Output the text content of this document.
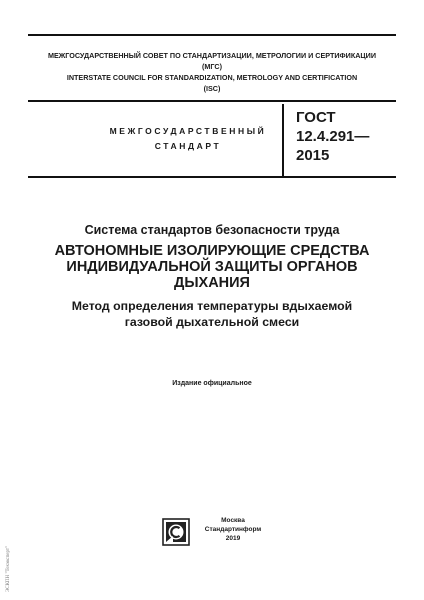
МЕЖГОСУДАРСТВЕННЫЙ СОВЕТ ПО СТАНДАРТИЗАЦИИ, МЕТРОЛОГИИ И СЕРТИФИКАЦИИ
(МГС)
INTERSTATE COUNCIL FOR STANDARDIZATION, METROLOGY AND CERTIFICATION
(ISC)
МЕЖГОСУДАРСТВЕННЫЙ
СТАНДАРТ
ГОСТ
12.4.291—
2015
Система стандартов безопасности труда
АВТОНОМНЫЕ ИЗОЛИРУЮЩИЕ СРЕДСТВА ИНДИВИДУАЛЬНОЙ ЗАЩИТЫ ОРГАНОВ ДЫХАНИЯ
Метод определения температуры вдыхаемой газовой дыхательной смеси
Издание официальное
Москва
Стандартинформ
2019
ЭСКПН "Техэксперт"
